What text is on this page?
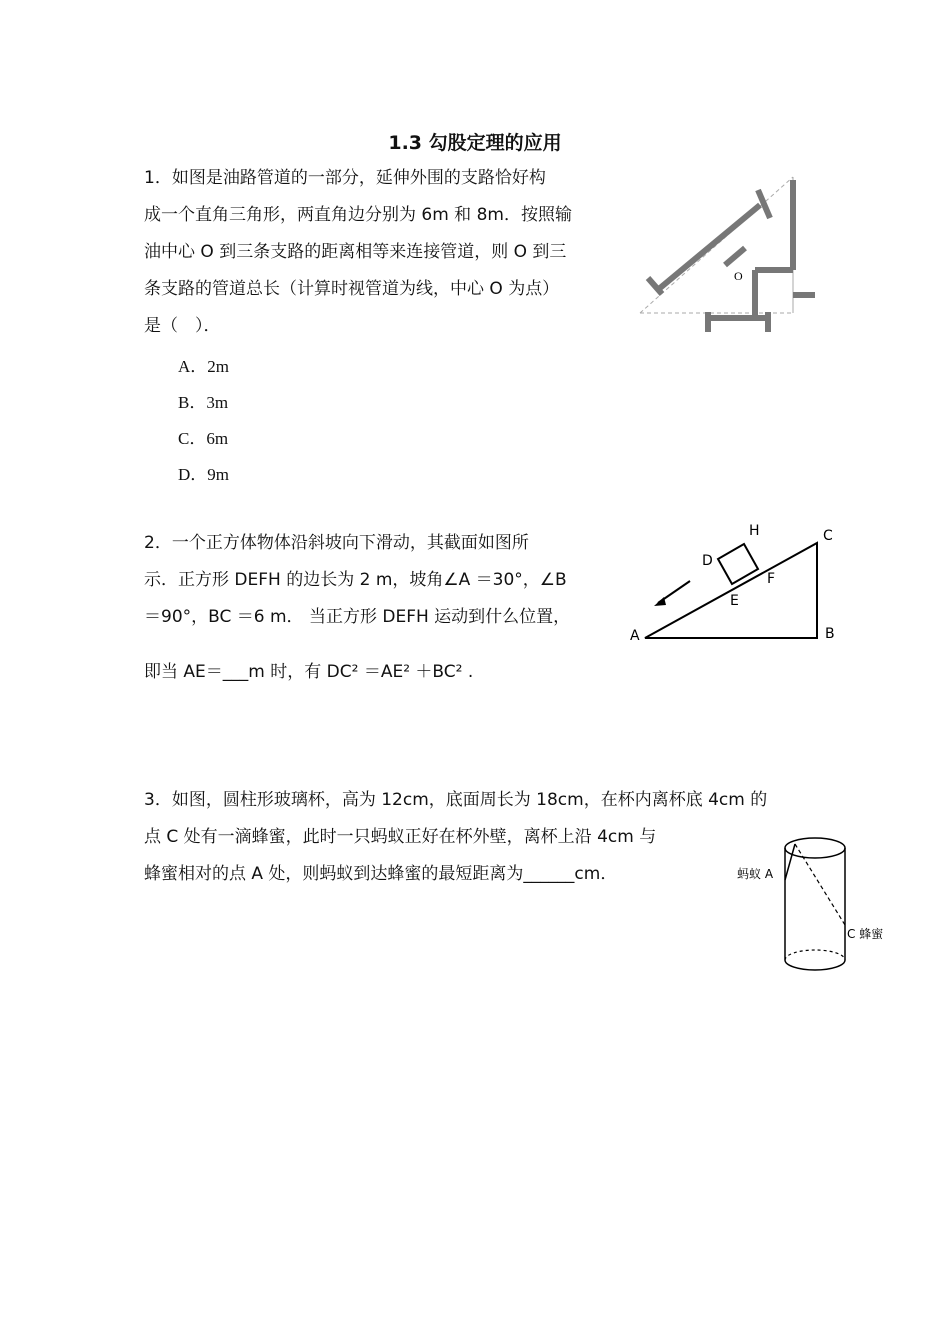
1.3 勾股定理的应用
1．如图是油路管道的一部分，延伸外围的支路恰好构
成一个直角三角形，两直角边分别为 6m 和 8m．按照输
油中心 O 到三条支路的距离相等来连接管道，则 O 到三
条支路的管道总长（计算时视管道为线，中心 O 为点）
是（　）．
A．2m
B．3m
C．6m
D．9m
O
2．一个正方体物体沿斜坡向下滑动，其截面如图所
示．正方形 DEFH 的边长为 2 m，坡角∠A ＝30°，∠B
＝90°，BC ＝6 m． 当正方形 DEFH 运动到什么位置，
即当 AE＝___m 时，有 DC² ＝AE² ＋BC² .
A	B
C
D
E
F
H
3．如图，圆柱形玻璃杯，高为 12cm，底面周长为 18cm，在杯内离杯底 4cm 的
点 C 处有一滴蜂蜜，此时一只蚂蚁正好在杯外壁，离杯上沿 4cm 与
蜂蜜相对的点 A 处，则蚂蚁到达蜂蜜的最短距离为______cm．	蚂蚁 A
C 蜂蜜
